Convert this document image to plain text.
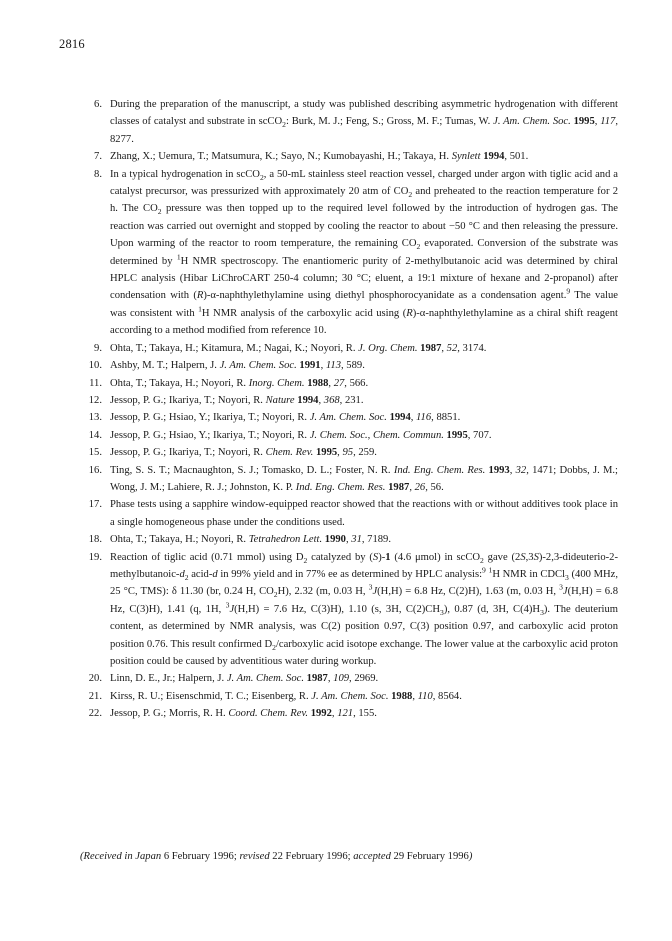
2816
6. During the preparation of the manuscript, a study was published describing asymmetric hydrogenation with different classes of catalyst and substrate in scCO$_2$: Burk, M. J.; Feng, S.; Gross, M. F.; Tumas, W. J. Am. Chem. Soc. 1995, 117, 8277.
7. Zhang, X.; Uemura, T.; Matsumura, K.; Sayo, N.; Kumobayashi, H.; Takaya, H. Synlett 1994, 501.
8. In a typical hydrogenation in scCO$_2$, a 50-mL stainless steel reaction vessel, charged under argon with tiglic acid and a catalyst precursor, was pressurized with approximately 20 atm of $CO_2$ and preheated to the reaction temperature for 2 h. The $CO_2$ pressure was then topped up to the required level followed by the introduction of hydrogen gas. The reaction was carried out overnight and stopped by cooling the reactor to about −50 °C and then releasing the pressure. Upon warming of the reactor to room temperature, the remaining $CO_2$ evaporated. Conversion of the substrate was determined by $^1$H NMR spectroscopy. The enantiomeric purity of 2-methylbutanoic acid was determined by chiral HPLC analysis (Hibar LiChroCART 250-4 column; 30 °C; eluent, a 19:1 mixture of hexane and 2-propanol) after condensation with (R)-α-naphthylethylamine using diethyl phosphorocyanidate as a condensation agent.$^9$ The value was consistent with $^1$H NMR analysis of the carboxylic acid using (R)-α-naphthylethylamine as a chiral shift reagent according to a method modified from reference 10.
9. Ohta, T.; Takaya, H.; Kitamura, M.; Nagai, K.; Noyori, R. J. Org. Chem. 1987, 52, 3174.
10. Ashby, M. T.; Halpern, J. J. Am. Chem. Soc. 1991, 113, 589.
11. Ohta, T.; Takaya, H.; Noyori, R. Inorg. Chem. 1988, 27, 566.
12. Jessop, P. G.; Ikariya, T.; Noyori, R. Nature 1994, 368, 231.
13. Jessop, P. G.; Hsiao, Y.; Ikariya, T.; Noyori, R. J. Am. Chem. Soc. 1994, 116, 8851.
14. Jessop, P. G.; Hsiao, Y.; Ikariya, T.; Noyori, R. J. Chem. Soc., Chem. Commun. 1995, 707.
15. Jessop, P. G.; Ikariya, T.; Noyori, R. Chem. Rev. 1995, 95, 259.
16. Ting, S. S. T.; Macnaughton, S. J.; Tomasko, D. L.; Foster, N. R. Ind. Eng. Chem. Res. 1993, 32, 1471; Dobbs, J. M.; Wong, J. M.; Lahiere, R. J.; Johnston, K. P. Ind. Eng. Chem. Res. 1987, 26, 56.
17. Phase tests using a sapphire window-equipped reactor showed that the reactions with or without additives took place in a single homogeneous phase under the conditions used.
18. Ohta, T.; Takaya, H.; Noyori, R. Tetrahedron Lett. 1990, 31, 7189.
19. Reaction of tiglic acid (0.71 mmol) using $D_2$ catalyzed by (S)-1 (4.6 μmol) in scCO$_2$ gave $(2S,3S)-2,3-dideuterio-2-methylbutanoic-d_2$ acid-d in 99% yield and in 77% ee as determined by HPLC analysis:$^9$ $^1$H NMR in CDCl$_3$ (400 MHz, 25 °C, TMS): δ 11.30 (br, 0.24 H, $CO_2H$), 2.32 (m, 0.03 H, $^3$J(H,H) = 6.8 Hz, C(2)H), 1.63 (m, 0.03 H, $^3$J(H,H) = 6.8 Hz, C(3)H), 1.41 (q, 1H, $^3$J(H,H) = 7.6 Hz, C(3)H), 1.10 (s, 3H, $C(2)CH_3$), 0.87 (d, 3H, $C(4)H_3$). The deuterium content, as determined by NMR analysis, was C(2) position 0.97, C(3) position 0.97, and carboxylic acid proton position 0.76. This result confirmed $D_2$/carboxylic acid isotope exchange. The lower value at the carboxylic acid proton position could be caused by adventitious water during workup.
20. Linn, D. E., Jr.; Halpern, J. J. Am. Chem. Soc. 1987, 109, 2969.
21. Kirss, R. U.; Eisenschmid, T. C.; Eisenberg, R. J. Am. Chem. Soc. 1988, 110, 8564.
22. Jessop, P. G.; Morris, R. H. Coord. Chem. Rev. 1992, 121, 155.
(Received in Japan 6 February 1996; revised 22 February 1996; accepted 29 February 1996)
